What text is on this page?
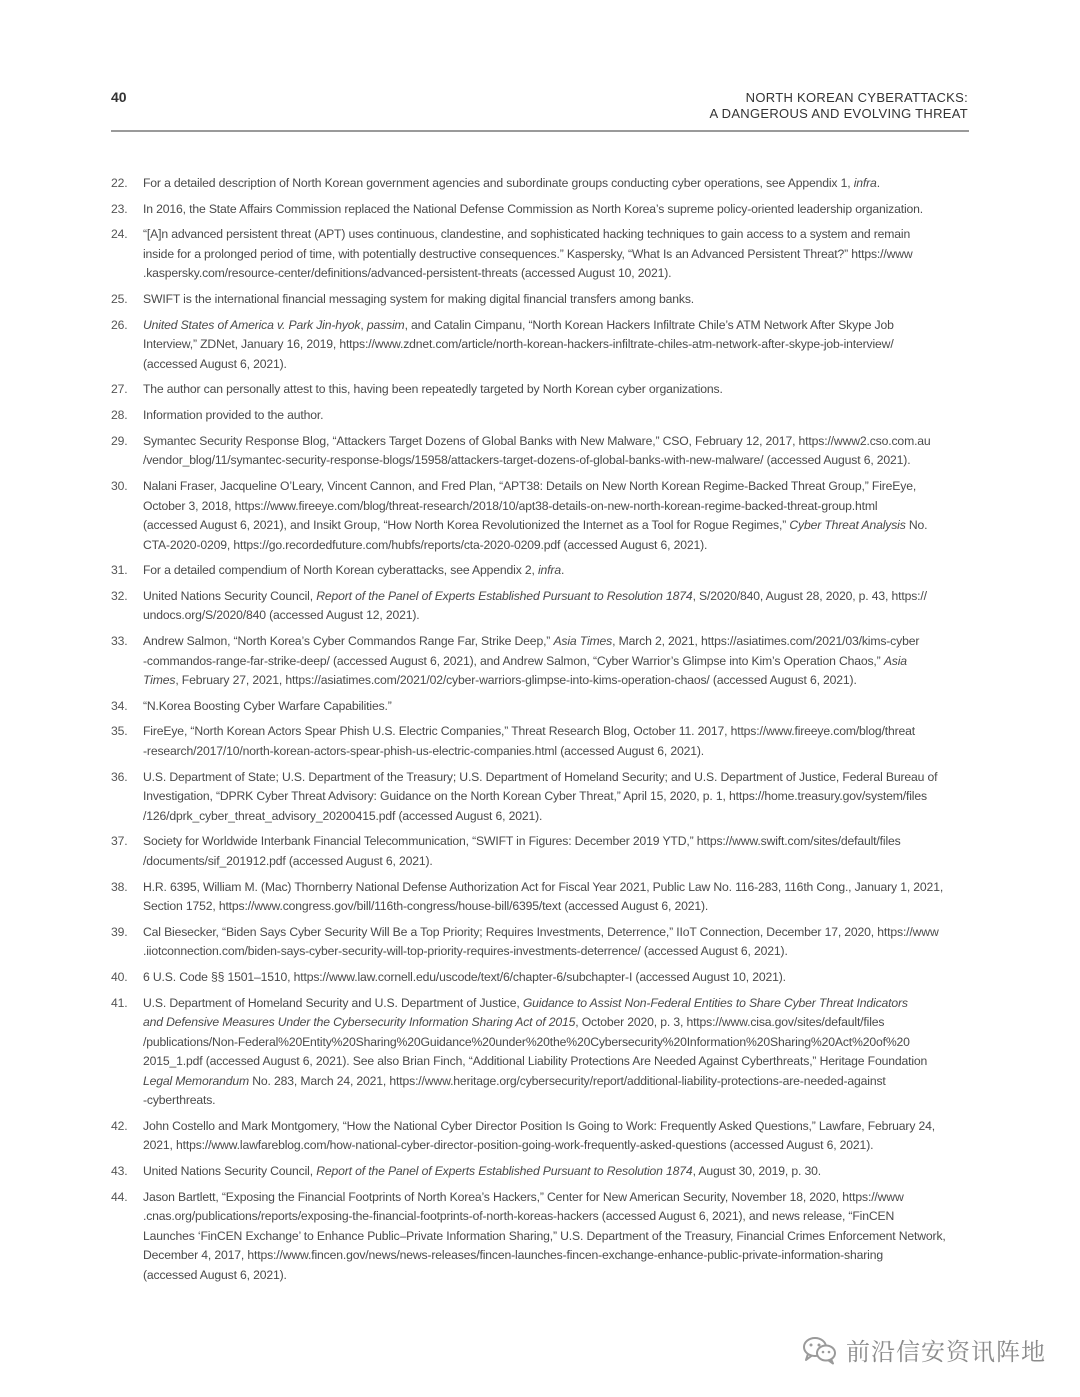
40	NORTH KOREAN CYBERATTACKS:
A DANGEROUS AND EVOLVING THREAT
22.	For a detailed description of North Korean government agencies and subordinate groups conducting cyber operations, see Appendix 1, infra.
23.	In 2016, the State Affairs Commission replaced the National Defense Commission as North Korea’s supreme policy-oriented leadership organization.
24.	“[A]n advanced persistent threat (APT) uses continuous, clandestine, and sophisticated hacking techniques to gain access to a system and remain
inside for a prolonged period of time, with potentially destructive consequences.” Kaspersky, “What Is an Advanced Persistent Threat?” https://www
.kaspersky.com/resource-center/definitions/advanced-persistent-threats (accessed August 10, 2021).
25.	SWIFT is the international financial messaging system for making digital financial transfers among banks.
26.	United States of America v. Park Jin-hyok, passim, and Catalin Cimpanu, “North Korean Hackers Infiltrate Chile’s ATM Network After Skype Job
Interview,” ZDNet, January 16, 2019, https://www.zdnet.com/article/north-korean-hackers-infiltrate-chiles-atm-network-after-skype-job-interview/
(accessed August 6, 2021).
27.	The author can personally attest to this, having been repeatedly targeted by North Korean cyber organizations.
28.	Information provided to the author.
29.	Symantec Security Response Blog, “Attackers Target Dozens of Global Banks with New Malware,” CSO, February 12, 2017, https://www2.cso.com.au
/vendor_blog/11/symantec-security-response-blogs/15958/attackers-target-dozens-of-global-banks-with-new-malware/ (accessed August 6, 2021).
30.	Nalani Fraser, Jacqueline O’Leary, Vincent Cannon, and Fred Plan, “APT38: Details on New North Korean Regime-Backed Threat Group,” FireEye,
October 3, 2018, https://www.fireeye.com/blog/threat-research/2018/10/apt38-details-on-new-north-korean-regime-backed-threat-group.html
(accessed August 6, 2021), and Insikt Group, “How North Korea Revolutionized the Internet as a Tool for Rogue Regimes,” Cyber Threat Analysis No.
CTA-2020-0209, https://go.recordedfuture.com/hubfs/reports/cta-2020-0209.pdf (accessed August 6, 2021).
31.	For a detailed compendium of North Korean cyberattacks, see Appendix 2, infra.
32.	United Nations Security Council, Report of the Panel of Experts Established Pursuant to Resolution 1874, S/2020/840, August 28, 2020, p. 43, https://
undocs.org/S/2020/840 (accessed August 12, 2021).
33.	Andrew Salmon, “North Korea’s Cyber Commandos Range Far, Strike Deep,” Asia Times, March 2, 2021, https://asiatimes.com/2021/03/kims-cyber
-commandos-range-far-strike-deep/ (accessed August 6, 2021), and Andrew Salmon, “Cyber Warrior’s Glimpse into Kim’s Operation Chaos,” Asia
Times, February 27, 2021, https://asiatimes.com/2021/02/cyber-warriors-glimpse-into-kims-operation-chaos/ (accessed August 6, 2021).
34.	“N.Korea Boosting Cyber Warfare Capabilities.”
35.	FireEye, “North Korean Actors Spear Phish U.S. Electric Companies,” Threat Research Blog, October 11. 2017, https://www.fireeye.com/blog/threat
-research/2017/10/north-korean-actors-spear-phish-us-electric-companies.html (accessed August 6, 2021).
36.	U.S. Department of State; U.S. Department of the Treasury; U.S. Department of Homeland Security; and U.S. Department of Justice, Federal Bureau of
Investigation, “DPRK Cyber Threat Advisory: Guidance on the North Korean Cyber Threat,” April 15, 2020, p. 1, https://home.treasury.gov/system/files
/126/dprk_cyber_threat_advisory_20200415.pdf (accessed August 6, 2021).
37.	Society for Worldwide Interbank Financial Telecommunication, “SWIFT in Figures: December 2019 YTD,” https://www.swift.com/sites/default/files
/documents/sif_201912.pdf (accessed August 6, 2021).
38.	H.R. 6395, William M. (Mac) Thornberry National Defense Authorization Act for Fiscal Year 2021, Public Law No. 116-283, 116th Cong., January 1, 2021,
Section 1752, https://www.congress.gov/bill/116th-congress/house-bill/6395/text (accessed August 6, 2021).
39.	Cal Biesecker, “Biden Says Cyber Security Will Be a Top Priority; Requires Investments, Deterrence,” IIoT Connection, December 17, 2020, https://www
.iiotconnection.com/biden-says-cyber-security-will-top-priority-requires-investments-deterrence/ (accessed August 6, 2021).
40.	6 U.S. Code §§ 1501–1510, https://www.law.cornell.edu/uscode/text/6/chapter-6/subchapter-I (accessed August 10, 2021).
41.	U.S. Department of Homeland Security and U.S. Department of Justice, Guidance to Assist Non-Federal Entities to Share Cyber Threat Indicators
and Defensive Measures Under the Cybersecurity Information Sharing Act of 2015, October 2020, p. 3, https://www.cisa.gov/sites/default/files
/publications/Non-Federal%20Entity%20Sharing%20Guidance%20under%20the%20Cybersecurity%20Information%20Sharing%20Act%20of%20
2015_1.pdf (accessed August 6, 2021). See also Brian Finch, “Additional Liability Protections Are Needed Against Cyberthreats,” Heritage Foundation
Legal Memorandum No. 283, March 24, 2021, https://www.heritage.org/cybersecurity/report/additional-liability-protections-are-needed-against
-cyberthreats.
42.	John Costello and Mark Montgomery, “How the National Cyber Director Position Is Going to Work: Frequently Asked Questions,” Lawfare, February 24,
2021, https://www.lawfareblog.com/how-national-cyber-director-position-going-work-frequently-asked-questions (accessed August 6, 2021).
43.	United Nations Security Council, Report of the Panel of Experts Established Pursuant to Resolution 1874, August 30, 2019, p. 30.
44.	Jason Bartlett, “Exposing the Financial Footprints of North Korea’s Hackers,” Center for New American Security, November 18, 2020, https://www
.cnas.org/publications/reports/exposing-the-financial-footprints-of-north-koreas-hackers (accessed August 6, 2021), and news release, “FinCEN
Launches ‘FinCEN Exchange’ to Enhance Public–Private Information Sharing,” U.S. Department of the Treasury, Financial Crimes Enforcement Network,
December 4, 2017, https://www.fincen.gov/news/news-releases/fincen-launches-fincen-exchange-enhance-public-private-information-sharing
(accessed August 6, 2021).
前沿信安资讯阵地
